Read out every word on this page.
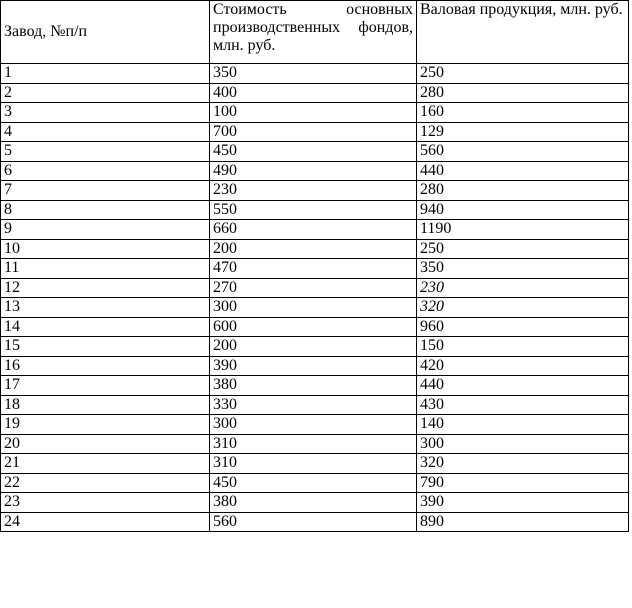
Завод, №п/п	Стоимость основных производственных фондов, млн. руб.	Валовая продукция, млн. руб.
1	350	250
2	400	280
3	100	160
4	700	129
5	450	560
6	490	440
7	230	280
8	550	940
9	660	1190
10	200	250
11	470	350
12	270	230
13	300	320
14	600	960
15	200	150
16	390	420
17	380	440
18	330	430
19	300	140
20	310	300
21	310	320
22	450	790
23	380	390
24	560	890
